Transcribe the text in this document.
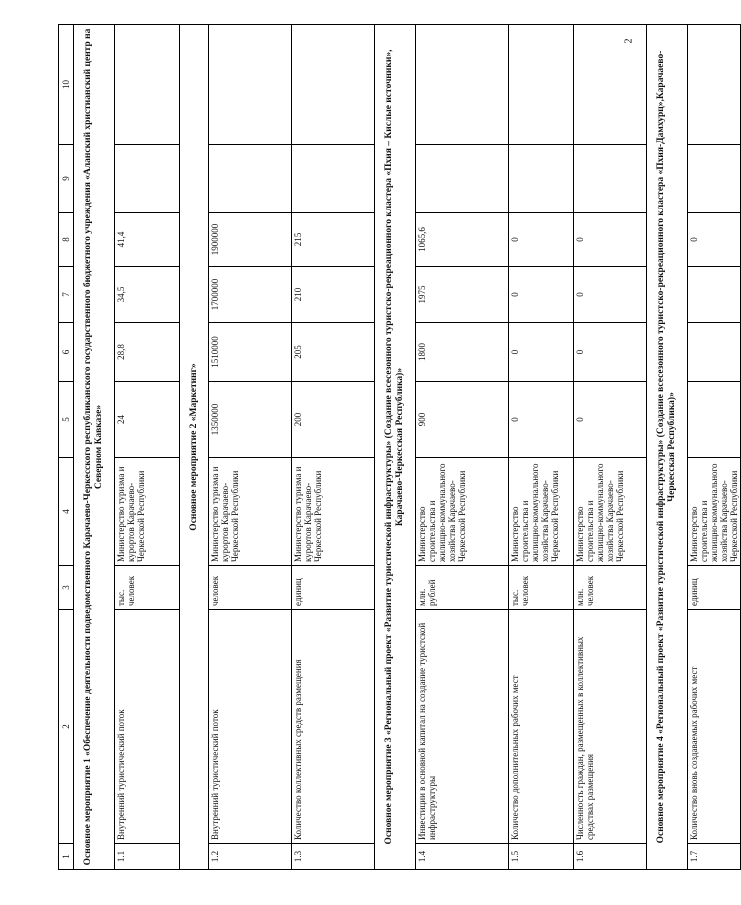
2
1	2	3	4	5	6	7	8	9	10
Основное мероприятие 1 «Обеспечение деятельности подведомственного Карачаево-Черкесского республиканского государственного бюджетного учреждения «Аланский христианский центр на Северном Кавказе»									
1.1	Внутренний туристический поток	тыс. человек	Министерство туризма и курортов Карачаево-Черкесской Республики	24	28,8	34,5	41,4		
Основное мероприятие 2 «Маркетинг»									
1.2	Внутренний туристический поток	человек	Министерство туризма и курортов Карачаево-Черкесской Республики	1350000	1510000	1700000	1900000		
1.3	Количество коллективных средств размещения	единиц	Министерство туризма и курортов Карачаево-Черкесской Республики	200	205	210	215		
Основное мероприятие 3 «Региональный проект «Развитие туристической инфраструктуры» (Создание всесезонного туристско-рекреационного кластера «Пхия – Кислые источники», Карачаево-Черкесская Республика)»									
1.4	Инвестиции в основной капитал на создание туристской инфраструктуры	млн. рублей	Министерство строительства и жилищно-коммунального хозяйства Карачаево-Черкесской Республики	900	1800	1975	1065,6		
1.5	Количество дополнительных рабочих мест	тыс. человек	Министерство строительства и жилищно-коммунального хозяйства Карачаево-Черкесской Республики	0	0	0	0		
1.6	Численность граждан, размещенных в коллективных средствах размещения	млн. человек	Министерство строительства и жилищно-коммунального хозяйства Карачаево-Черкесской Республики	0	0	0	0		
Основное мероприятие 4 «Региональный проект «Развитие туристической инфраструктуры» (Создание всесезонного туристско-рекреационного кластера «Пхия-Дамхурц»,Карачаево-Черкесская Республика)»									
1.7	Количество вновь создаваемых рабочих мест	единиц	Министерство строительства и жилищно-коммунального хозяйства Карачаево-Черкесской Республики				0		
